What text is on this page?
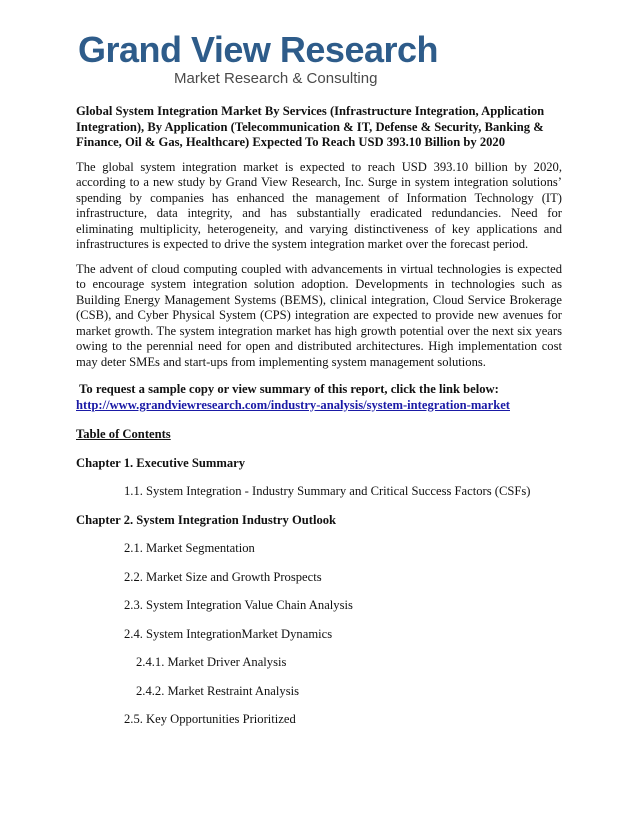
Grand View Research
Market Research & Consulting

Global System Integration Market By Services (Infrastructure Integration, Application Integration), By Application (Telecommunication & IT, Defense & Security, Banking & Finance, Oil & Gas, Healthcare) Expected To Reach USD 393.10 Billion by 2020

The global system integration market is expected to reach USD 393.10 billion by 2020, according to a new study by Grand View Research, Inc. Surge in system integration solutions’ spending by companies has enhanced the management of Information Technology (IT) infrastructure, data integrity, and has substantially eradicated redundancies. Need for eliminating multiplicity, heterogeneity, and varying distinctiveness of key applications and infrastructures is expected to drive the system integration market over the forecast period.

The advent of cloud computing coupled with advancements in virtual technologies is expected to encourage system integration solution adoption. Developments in technologies such as Building Energy Management Systems (BEMS), clinical integration, Cloud Service Brokerage (CSB), and Cyber Physical System (CPS) integration are expected to provide new avenues for market growth. The system integration market has high growth potential over the next six years owing to the perennial need for open and distributed architectures. High implementation cost may deter SMEs and start-ups from implementing system management solutions.

To request a sample copy or view summary of this report, click the link below:
http://www.grandviewresearch.com/industry-analysis/system-integration-market
Table of Contents
Chapter 1. Executive Summary
1.1. System Integration - Industry Summary and Critical Success Factors (CSFs)
Chapter 2. System Integration Industry Outlook
2.1. Market Segmentation
2.2. Market Size and Growth Prospects
2.3. System Integration Value Chain Analysis
2.4. System IntegrationMarket Dynamics
2.4.1. Market Driver Analysis
2.4.2. Market Restraint Analysis
2.5. Key Opportunities Prioritized
